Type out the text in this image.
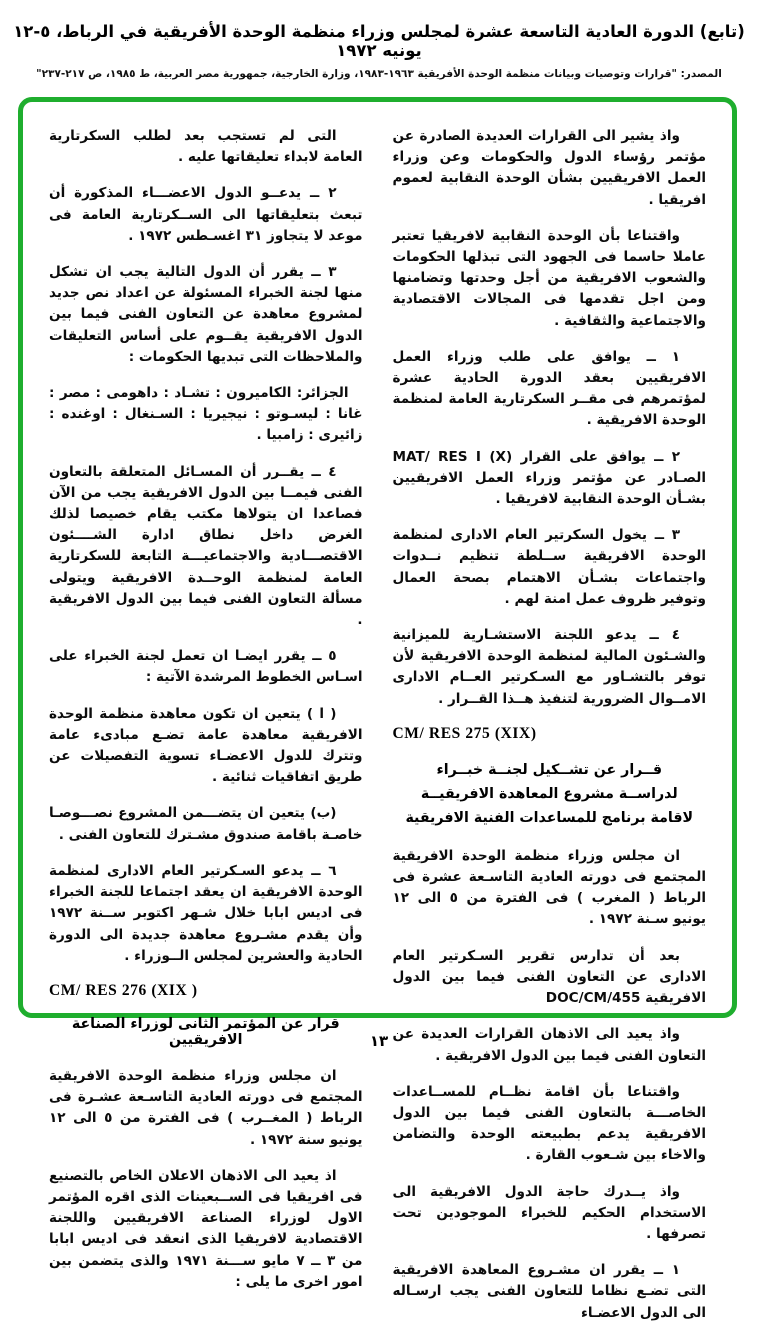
(تابع) الدورة العادية التاسعة عشرة لمجلس وزراء منظمة الوحدة الأفريقية في الرباط، ٥-١٢ يونيه ١٩٧٢
المصدر: "قرارات وتوصيات وبيانات منظمة الوحدة الأفريقية ١٩٦٣-١٩٨٣، وزارة الخارجية، جمهورية مصر العربية، ط ١٩٨٥، ص ٢١٧-٢٣٧"

واذ يشير الى القرارات العديدة الصادرة عن مؤتمر رؤساء الدول والحكومات وعن وزراء العمل الافريقيين بشأن الوحدة النقابية لعموم افريقيا .

واقتناعا بأن الوحدة النقابية لافريقيا تعتبر عاملا حاسما فى الجهود التى تبذلها الحكومات والشعوب الافريقية من أجل وحدتها وتضامنها ومن اجل تقدمها فى المجالات الاقتصادية والاجتماعية والثقافية .

١ ــ يوافق على طلب وزراء العمل الافريقيين بعقد الدورة الحادية عشرة لمؤتمرهم فى مقــر السكرتارية العامة لمنظمة الوحدة الافريقية .

٢ ــ يوافق على القرار MAT/ RES I (X) الصـادر عن مؤتمر وزراء العمل الافريقيين بشـأن الوحدة النقابية لافريقيا .

٣ ــ يخول السكرتير العام الادارى لمنظمة الوحدة الافريقية ســلطة تنظيم نــدوات واجتماعات بشـأن الاهتمام بصحة العمال وتوفير ظروف عمل امنة لهم .

٤ ــ يدعو اللجنة الاستشـارية للميزانية والشـئون المالية لمنظمة الوحدة الافريقية لأن توفر بالتشـاور مع السـكرتير العــام الادارى الامــوال الضرورية لتنفيذ هــذا القــرار .

CM/ RES 275 (XIX)

قــرار عن تشــكيل لجنــة خبــراء
لدراســة مشروع المعاهدة الافريقيــة
لاقامة برنامج للمساعدات الفنية الافريقية

ان مجلس وزراء منظمة الوحدة الافريقية المجتمع فى دورته العادية التاسـعة عشرة فى الرباط ( المغرب ) فى الفترة من ٥ الى ١٢ يونيو سـنة ١٩٧٢ .

بعد أن تدارس تقرير السـكرتير العام الادارى عن التعاون الفنى فيما بين الدول الافريقية DOC/CM/455

واذ يعيد الى الاذهان القرارات العديدة عن التعاون الفنى فيما بين الدول الافريقية .

واقتناعا بأن اقامة نظــام للمســاعدات الخاصـــة بالتعاون الفنى فيما بين الدول الافريقية يدعم بطبيعته الوحدة والتضامن والاخاء بين شـعوب القارة .

واذ يــدرك حاجة الدول الافريقية الى الاستخدام الحكيم للخبراء الموجودين تحت تصرفها .

١ ــ يقرر ان مشـروع المعاهدة الافريقية التى تضـع نظاما للتعاون الفنى يجب ارسـاله الى الدول الاعضـاء

التى لم تستجب بعد لطلب السكرتارية العامة لابداء تعليقاتها عليه .

٢ ــ يدعــو الدول الاعضـــاء المذكورة أن تبعث بتعليقاتها الى الســكرتارية العامة فى موعد لا يتجاوز ٣١ اغسـطس ١٩٧٢ .

٣ ــ يقرر أن الدول التالية يجب ان تشكل منها لجنة الخبراء المسئولة عن اعداد نص جديد لمشروع معاهدة عن التعاون الفنى فيما بين الدول الافريقية يقــوم على أساس التعليقات والملاحظات التى تبديها الحكومات :

الجزائر: الكاميرون : تشـاد : داهومى : مصر : غانا : ليسـوتو : نيجيريا : السـنغال : اوغنده : زائيرى : زامبيا .

٤ ــ يقــرر أن المسـائل المتعلقة بالتعاون الفنى فيمــا بين الدول الافريقية يجب من الآن فصاعدا ان يتولاها مكتب يقام خصيصا لذلك الغرض داخل نطاق ادارة الشــــئون الاقتصـــادية والاجتماعيـــة التابعة للسكرتارية العامة لمنظمة الوحــدة الافريقية ويتولى مسألة التعاون الفنى فيما بين الدول الافريقية .

٥ ــ يقرر ايضـا ان تعمل لجنة الخبراء على اسـاس الخطوط المرشدة الآتية :

( ا ) يتعين ان تكون معاهدة منظمة الوحدة الافريقية معاهدة عامة تضـع مبادىء عامة وتترك للدول الاعضـاء تسوية التفصيلات عن طريق اتفاقيات ثنائية .

(ب) يتعين ان يتضـــمن المشروع نصـــوصـا خاصـة باقامة صندوق مشـترك للتعاون الفنى .

٦ ــ يدعو السـكرتير العام الادارى لمنظمة الوحدة الافريقية ان يعقد اجتماعا للجنة الخبراء فى اديس ابابا خلال شـهر اكتوبر ســنة ١٩٧٢ وأن يقدم مشـروع معاهدة جديدة الى الدورة الحادية والعشرين لمجلس الــوزراء .

CM/ RES 276 (XIX )

قرار عن المؤتمر الثانى لوزراء الصناعة الافريقيين

ان مجلس وزراء منظمة الوحدة الافريقية المجتمع فى دورته العادية التاسـعة عشـرة فى الرباط ( المغــرب ) فى الفترة من ٥ الى ١٢ يونيو سنة ١٩٧٢ .

اذ يعيد الى الاذهان الاعلان الخاص بالتصنيع فى افريقيا فى الســبعينات الذى اقره المؤتمر الاول لوزراء الصناعة الافريقيين واللجنة الاقتصادية لافريقيا الذى انعقد فى اديس ابابا من ٣ ــ ٧ مايو ســـنة ١٩٧١ والذى يتضمن بين امور اخرى ما يلى :

١٣
